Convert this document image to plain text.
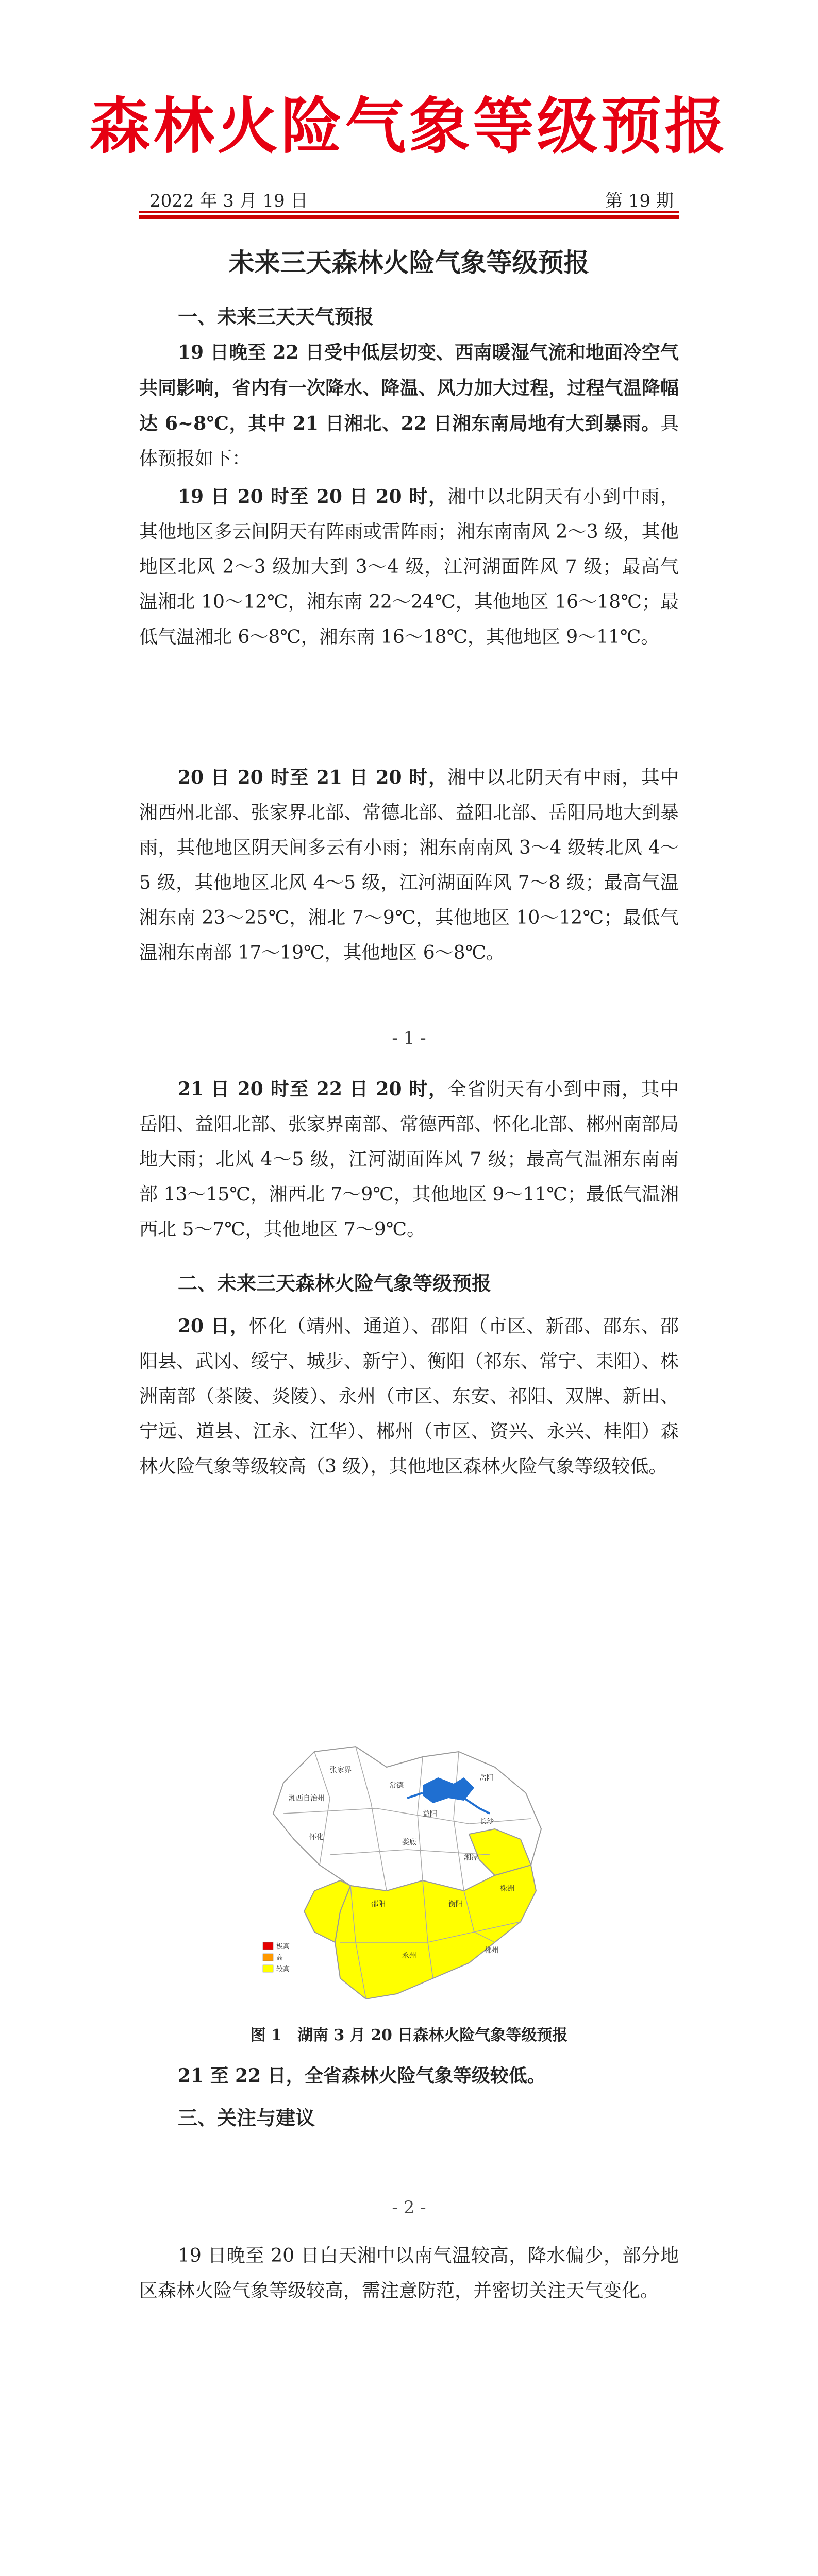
森林火险气象等级预报
2022 年 3 月 19 日	第 19 期
未来三天森林火险气象等级预报
一、未来三天天气预报
19 日晚至 22 日受中低层切变、西南暖湿气流和地面冷空气共同影响，省内有一次降水、降温、风力加大过程，过程气温降幅达 6~8℃，其中 21 日湘北、22 日湘东南局地有大到暴雨。具体预报如下：
19 日 20 时至 20 日 20 时，湘中以北阴天有小到中雨，其他地区多云间阴天有阵雨或雷阵雨；湘东南南风 2～3 级，其他地区北风 2～3 级加大到 3～4 级，江河湖面阵风 7 级；最高气温湘北 10～12℃，湘东南 22～24℃，其他地区 16～18℃；最低气温湘北 6～8℃，湘东南 16～18℃，其他地区 9～11℃。
20 日 20 时至 21 日 20 时，湘中以北阴天有中雨，其中湘西州北部、张家界北部、常德北部、益阳北部、岳阳局地大到暴雨，其他地区阴天间多云有小雨；湘东南南风 3～4 级转北风 4～5 级，其他地区北风 4～5 级，江河湖面阵风 7～8 级；最高气温湘东南 23～25℃，湘北 7～9℃，其他地区 10～12℃；最低气温湘东南部 17～19℃，其他地区 6～8℃。
- 1 -
21 日 20 时至 22 日 20 时，全省阴天有小到中雨，其中岳阳、益阳北部、张家界南部、常德西部、怀化北部、郴州南部局地大雨；北风 4～5 级，江河湖面阵风 7 级；最高气温湘东南南部 13～15℃，湘西北 7～9℃，其他地区 9～11℃；最低气温湘西北 5～7℃，其他地区 7～9℃。
二、未来三天森林火险气象等级预报
20 日，怀化（靖州、通道）、邵阳（市区、新邵、邵东、邵阳县、武冈、绥宁、城步、新宁）、衡阳（祁东、常宁、耒阳）、株洲南部（茶陵、炎陵）、永州（市区、东安、祁阳、双牌、新田、宁远、道县、江永、江华）、郴州（市区、资兴、永兴、桂阳）森林火险气象等级较高（3 级），其他地区森林火险气象等级较低。
张家界
常德
岳阳
益阳
湘西自治州
长沙
怀化
娄底
湘潭
株洲
邵阳	衡阳
永州
郴州
极高
高
较高
图 1　湖南 3 月 20 日森林火险气象等级预报
21 至 22 日，全省森林火险气象等级较低。
三、关注与建议
- 2 -
19 日晚至 20 日白天湘中以南气温较高，降水偏少，部分地区森林火险气象等级较高，需注意防范，并密切关注天气变化。
